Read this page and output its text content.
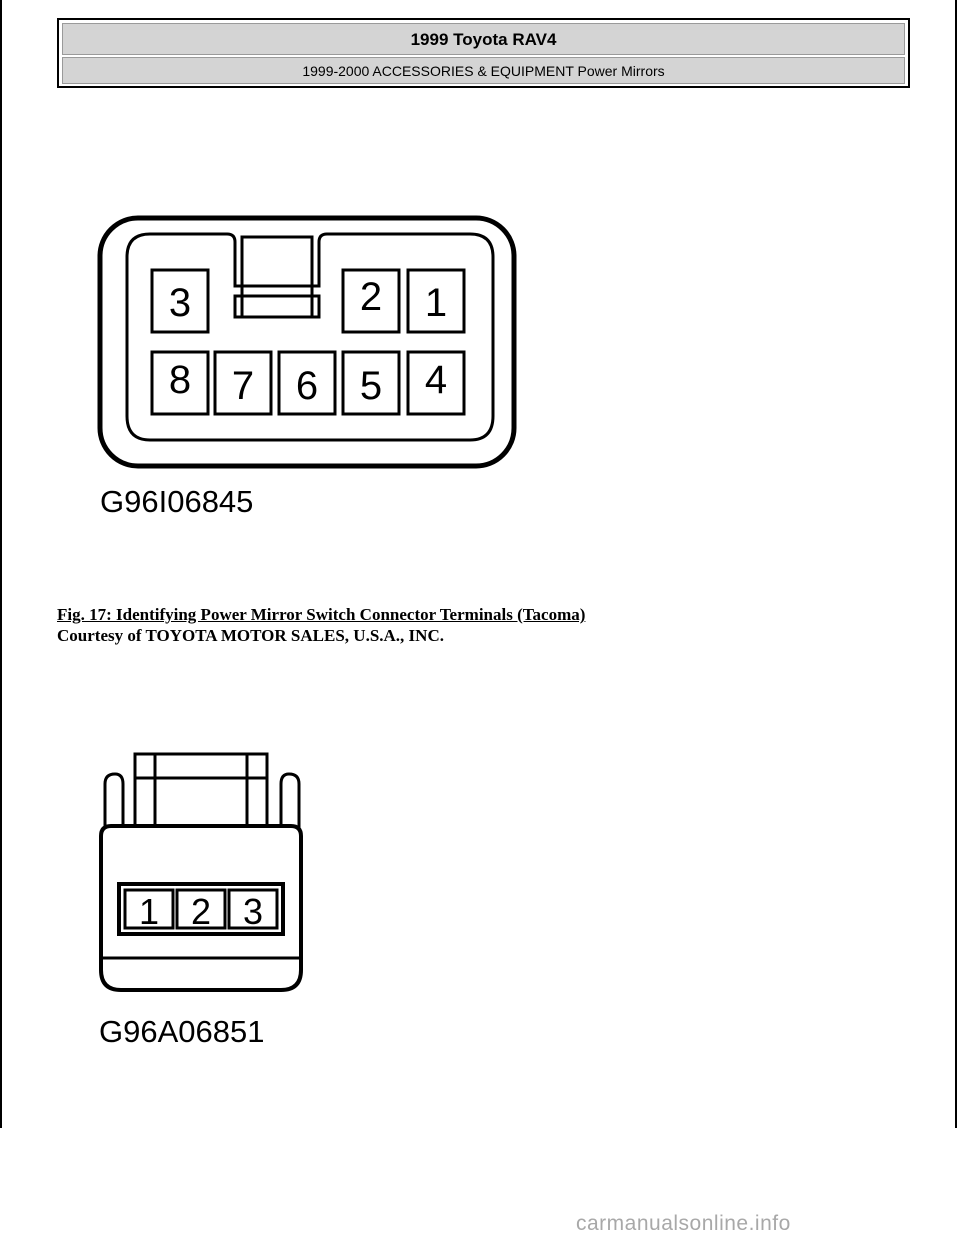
1999 Toyota RAV4
1999-2000 ACCESSORIES & EQUIPMENT Power Mirrors
3	2 1
8 7 6 5 4
G96I06845
Fig. 17: Identifying Power Mirror Switch Connector Terminals (Tacoma)
Courtesy of TOYOTA MOTOR SALES, U.S.A., INC.
1 2 3
G96A06851
carmanualsonline.info
